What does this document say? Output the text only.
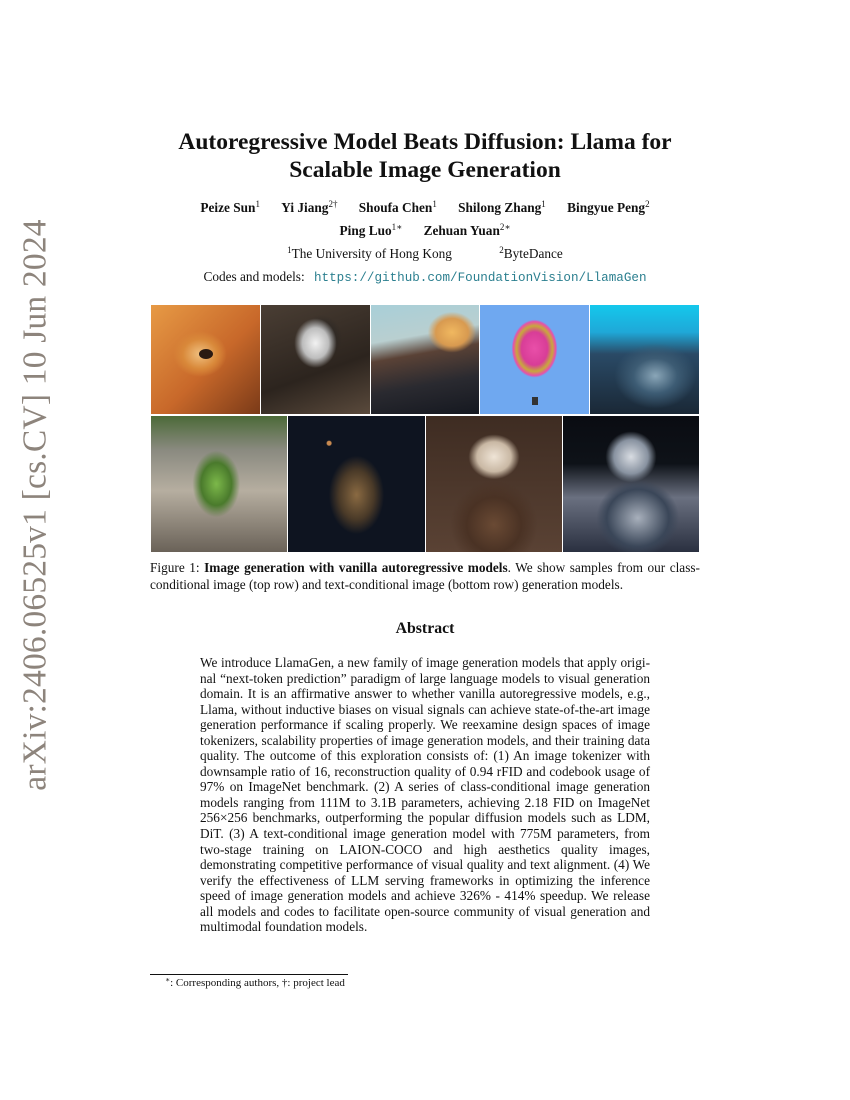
arXiv:2406.06525v1 [cs.CV] 10 Jun 2024
Autoregressive Model Beats Diffusion: Llama for
Scalable Image Generation
Peize Sun$^1$ Yi Jiang$^{2\dagger}$ Shoufa Chen$^1$ Shilong Zhang$^1$ Bingyue Peng$^2$
Ping Luo$^{1∗}$ Zehuan Yuan$^{2∗}$
$^1$The University of Hong Kong	$^2$ByteDance
Codes and models: https://github.com/FoundationVision/LlamaGen
Figure 1: Image generation with vanilla autoregressive models. We show samples from our class-conditional image (top row) and text-conditional image (bottom row) generation models.
Abstract
We introduce LlamaGen, a new family of image generation models that apply original “next-token prediction” paradigm of large language models to visual generation domain. It is an affirmative answer to whether vanilla autoregressive models, e.g., Llama, without inductive biases on visual signals can achieve state-of-the-art image generation performance if scaling properly. We reexamine design spaces of image tokenizers, scalability properties of image generation models, and their training data quality. The outcome of this exploration consists of: (1) An image tokenizer with downsample ratio of 16, reconstruction quality of 0.94 rFID and codebook usage of 97% on ImageNet benchmark. (2) A series of class-conditional image generation models ranging from 111M to 3.1B parameters, achieving 2.18 FID on ImageNet 256×256 benchmarks, outperforming the popular diffusion models such as LDM, DiT. (3) A text-conditional image generation model with 775M parameters, from two-stage training on LAION-COCO and high aesthetics quality images, demonstrating competitive performance of visual quality and text alignment. (4) We verify the effectiveness of LLM serving frameworks in optimizing the inference speed of image generation models and achieve 326% - 414% speedup. We release all models and codes to facilitate open-source community of visual generation and multimodal foundation models.
∗: Corresponding authors, †: project lead
